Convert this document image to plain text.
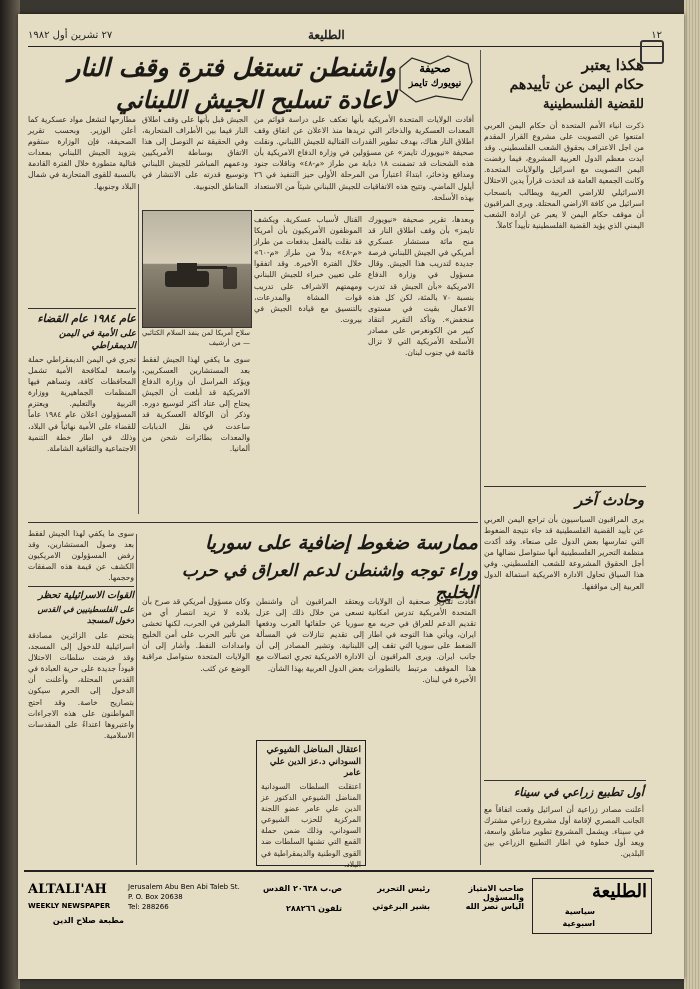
٢٧ تشرين أول ١٩٨٢	الطليعة	١٢
واشنطن تستغل فترة وقف النار
لاعادة تسليح الجيش اللبناني
صحيفة
نيويورك تايمز
أفادت الولايات المتحدة الأمريكية بأنها تعكف على دراسة قوائم من المعدات العسكرية والذخائر التي تريدها منذ الاعلان عن اتفاق وقف اطلاق النار هناك، بهدف تطوير القدرات القتالية للجيش اللبناني. ونقلت صحيفة «نيويورك تايمز» عن مسؤولين في وزارة الدفاع الامريكية بأن هذه الشحنات قد تضمنت ١٨ دبابة من طراز «م-٤٨» وناقلات جنود ومدافع وذخائر، ابتداءً اعتباراً من المرحلة الأولى حيز التنفيذ في ٢٦ أيلول الماضي. وتتيح هذه الاتفاقيات للجيش اللبناني شيئاً من الاستعداد بهذه الأسلحة.
وبعدها، تقرير صحيفة «نيويورك تايمز» بأن وقف اطلاق النار قد منح مائة مستشار عسكري أمريكي في الجيش اللبناني فرصة جديدة لتدريب هذا الجيش. وقال مسؤول في وزارة الدفاع الامريكية «بأن الجيش قد تدرب بنسبة ٧٠ بالمئة، لكن كل هذه الاعمال بقيت في مستوى منخفض». وتأكد التقرير انتقاد كبير من الكونغرس على مصادر الأسلحة الأمريكية التي لا تزال قائمة في جنوب لبنان.
القتال لأسباب عسكرية. ويكشف الموظفون الأمريكيون بأن أمريكا قد نقلت بالفعل بدفعات من طراز «م-٤٨» بدلاً من طراز «م-٦٠» خلال الفترة الأخيرة. وقد اتفقوا على تعيين خبراء للجيش اللبناني ومهمتهم الاشراف على تدريب قوات المشاة والمدرعات، بالتنسيق مع قيادة الجيش في بيروت.
الجيش قبل بأنها على وقف اطلاق النار فيما بين الأطراف المتحاربة، وفي الحقيقة تم التوصل إلى هذا الاتفاق بوساطة الأمريكيين ودعمهم المباشر للجيش اللبناني وتوسيع قدرته على الانتشار في المناطق الجنوبية.
سلاح أمريكا لمن ينفذ السلام الكتائبي — من أرشيف
سوى ما يكفي لهذا الجيش لفقط بعد المستشارين العسكريين، ويؤكد المراسل أن وزارة الدفاع الامريكية قد أبلغت أن الجيش يحتاج إلى عتاد أكثر لتوسيع دوره. وذكر أن الوكالة العسكرية قد ساعدت في نقل الدبابات والمعدات بطائرات شحن من ألمانيا.
مطارحها لتشغل مواد عسكرية كما أعلن الوزير. وبحسب تقرير الصحيفة، فإن الوزارة ستقوم بتزويد الجيش اللبناني بمعدات قتالية متطورة خلال الفترة القادمة بالنسبة للقوى المتحاربة في شمال البلاد وجنوبها.
عام ١٩٨٤ عام القضاء
على الأمية في اليمن الديمقراطي
تجري في اليمن الديمقراطي حملة واسعة لمكافحة الأمية تشمل المحافظات كافة، وتساهم فيها المنظمات الجماهيرية ووزارة التربية والتعليم. ويعتزم المسؤولون اعلان عام ١٩٨٤ عاماً للقضاء على الأمية نهائياً في البلاد، وذلك في اطار خطة التنمية الاجتماعية والثقافية الشاملة.
ممارسة ضغوط إضافية على سوريا
وراء توجه واشنطن لدعم العراق في حرب الخليج
أفادت تقارير صحفية أن الولايات المتحدة الأمريكية تدرس امكانية تقديم الدعم للعراق في حربه مع ايران، ويأتي هذا التوجه في اطار الضغط على سوريا التي تقف إلى جانب ايران. ويرى المراقبون أن هذا الموقف مرتبط بالتطورات الأخيرة في لبنان.
ويعتقد المراقبون أن واشنطن تسعى من خلال ذلك إلى عزل سوريا عن حلفائها العرب ودفعها إلى تقديم تنازلات في المسألة اللبنانية. وتشير المصادر إلى أن الادارة الامريكية تجري اتصالات مع بعض الدول العربية بهذا الشأن.
وكان مسؤول أمريكي قد صرح بأن بلاده لا تريد انتصار أي من الطرفين في الحرب، لكنها تخشى من تأثير الحرب على أمن الخليج وامدادات النفط. وأشار إلى أن الولايات المتحدة ستواصل مراقبة الوضع عن كثب.
اعتقال المناضل الشيوعي
السوداني د.عز الدين علي عامر
اعتقلت السلطات السودانية المناضل الشيوعي الدكتور عز الدين علي عامر عضو اللجنة المركزية للحزب الشيوعي السوداني، وذلك ضمن حملة القمع التي تشنها السلطات ضد القوى الوطنية والديمقراطية في البلاد.
سوى ما يكفي لهذا الجيش لفقط بعد وصول المستشارين، وقد رفض المسؤولون الامريكيون الكشف عن قيمة هذه الصفقات وحجمها.
القوات الاسرائيلية تحظر
على الفلسطينيين في القدس دخول المسجد
يتحتم على الزائرين مصادقة اسرائيلية للدخول إلى المسجد، وقد فرضت سلطات الاحتلال قيوداً جديدة على حرية العبادة في القدس المحتلة، وأعلنت أن الدخول إلى الحرم سيكون بتصاريح خاصة. وقد احتج المواطنون على هذه الاجراءات واعتبروها اعتداءً على المقدسات الاسلامية.
هكذا يعتبر
حكام اليمن عن تأييدهم
للقضية الفلسطينية
ذكرت انباء الأمم المتحدة أن حكام اليمن العربي امتنعوا عن التصويت على مشروع القرار المقدم من اجل الاعتراف بحقوق الشعب الفلسطيني. وقد ايدت معظم الدول العربية المشروع، فيما رفضت اليمن التصويت مع اسرائيل والولايات المتحدة. وكانت الجمعية العامة قد اتخذت قراراً يدين الاحتلال الاسرائيلي للاراضي العربية ويطالب بانسحاب اسرائيل من كافة الاراضي المحتلة. ويرى المراقبون أن موقف حكام اليمن لا يعبر عن ارادة الشعب اليمني الذي يؤيد القضية الفلسطينية تأييداً كاملاً.
وحادث آخر
يرى المراقبون السياسيون بأن تراجع اليمن العربي عن تأييد القضية الفلسطينية قد جاء نتيجة الضغوط التي تمارسها بعض الدول على صنعاء. وقد أكدت منظمة التحرير الفلسطينية أنها ستواصل نضالها من أجل الحقوق المشروعة للشعب الفلسطيني. وفي هذا السياق تحاول الادارة الامريكية استمالة الدول العربية إلى مواقفها.
أول تطبيع زراعي في سيناء
أعلنت مصادر زراعية أن اسرائيل وقعت اتفاقاً مع الجانب المصري لإقامة أول مشروع زراعي مشترك في سيناء. ويشمل المشروع تطوير مناطق واسعة، ويعد أول خطوة في اطار التطبيع الزراعي بين البلدين.
ALTALI'AH
WEEKLY NEWSPAPER
مطبعة صلاح الدين
Jerusalem Abu Ben Abi Taleb St.
P. O. Box 20638
Tel: 288266
ص.ب ٢٠٦٣٨ القدس
تلفون ٢٨٨٢٦٦
رئيس التحرير
بشير البرغوثي
صاحب الامتياز والمسؤول
الياس نصر الله
الطليعة
سياسية
اسبوعية
